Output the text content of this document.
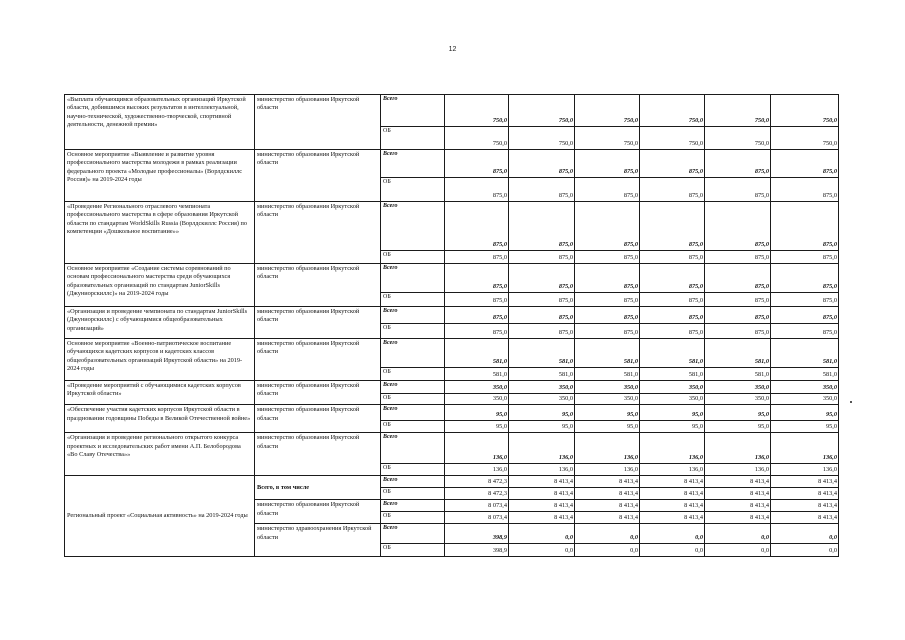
12
«Выплата обучающимся образовательных организаций Иркутской области, добившимся высоких результатов в интеллектуальной, научно-технической, художественно-творческой, спортивной деятельности, денежной премии»	министерство образования Иркутской области	Всего	750,0	750,0	750,0	750,0	750,0	750,0
		ОБ	750,0	750,0	750,0	750,0	750,0	750,0
Основное мероприятие «Выявление и развитие уровня профессионального мастерства молодежи в рамках реализации федерального проекта «Молодые профессионалы» (Ворлдскиллс Россия)» на 2019-2024 годы	министерство образования Иркутской области	Всего	875,0	875,0	875,0	875,0	875,0	875,0
		ОБ	875,0	875,0	875,0	875,0	875,0	875,0
«Проведение Регионального отраслевого чемпионата профессионального мастерства в сфере образования Иркутской области по стандартам WorldSkills Russia (Ворлдскиллс Россия) по компетенции «Дошкольное воспитание»»	министерство образования Иркутской области	Всего	875,0	875,0	875,0	875,0	875,0	875,0
		ОБ	875,0	875,0	875,0	875,0	875,0	875,0
Основное мероприятие «Создание системы соревнований по основам профессионального мастерства среди обучающихся образовательных организаций по стандартам JuniorSkills (Джуниорскиллс)» на 2019-2024 годы	министерство образования Иркутской области	Всего	875,0	875,0	875,0	875,0	875,0	875,0
		ОБ	875,0	875,0	875,0	875,0	875,0	875,0
«Организация и проведение чемпионата по стандартам JuniorSkills (Джуниорскиллс) с обучающимися общеобразовательных организаций»	министерство образования Иркутской области	Всего	875,0	875,0	875,0	875,0	875,0	875,0
		ОБ	875,0	875,0	875,0	875,0	875,0	875,0
Основное мероприятие «Военно-патриотическое воспитание обучающихся кадетских корпусов и кадетских классов общеобразовательных организаций Иркутской области» на 2019-2024 годы	министерство образования Иркутской области	Всего	581,0	581,0	581,0	581,0	581,0	581,0
		ОБ	581,0	581,0	581,0	581,0	581,0	581,0
«Проведение мероприятий с обучающимися кадетских корпусов Иркутской области»	министерство образования Иркутской области	Всего	350,0	350,0	350,0	350,0	350,0	350,0
		ОБ	350,0	350,0	350,0	350,0	350,0	350,0
«Обеспечение участия кадетских корпусов Иркутской области в праздновании годовщины Победы в Великой Отечественной войне»	министерство образования Иркутской области	Всего	95,0	95,0	95,0	95,0	95,0	95,0
		ОБ	95,0	95,0	95,0	95,0	95,0	95,0
«Организация и проведение регионального открытого конкурса проектных и исследовательских работ имени А.П. Белобородова «Во Славу Отечества»»	министерство образования Иркутской области	Всего	136,0	136,0	136,0	136,0	136,0	136,0
		ОБ	136,0	136,0	136,0	136,0	136,0	136,0
Региональный проект «Социальная активность» на 2019-2024 годы	Всего, в том числе	Всего	8 472,3	8 413,4	8 413,4	8 413,4	8 413,4	8 413,4
		ОБ	8 472,3	8 413,4	8 413,4	8 413,4	8 413,4	8 413,4
	министерство образования Иркутской области	Всего	8 073,4	8 413,4	8 413,4	8 413,4	8 413,4	8 413,4
		ОБ	8 073,4	8 413,4	8 413,4	8 413,4	8 413,4	8 413,4
	министерство здравоохранения Иркутской области	Всего	398,9	0,0	0,0	0,0	0,0	0,0
		ОБ	398,9	0,0	0,0	0,0	0,0	0,0
